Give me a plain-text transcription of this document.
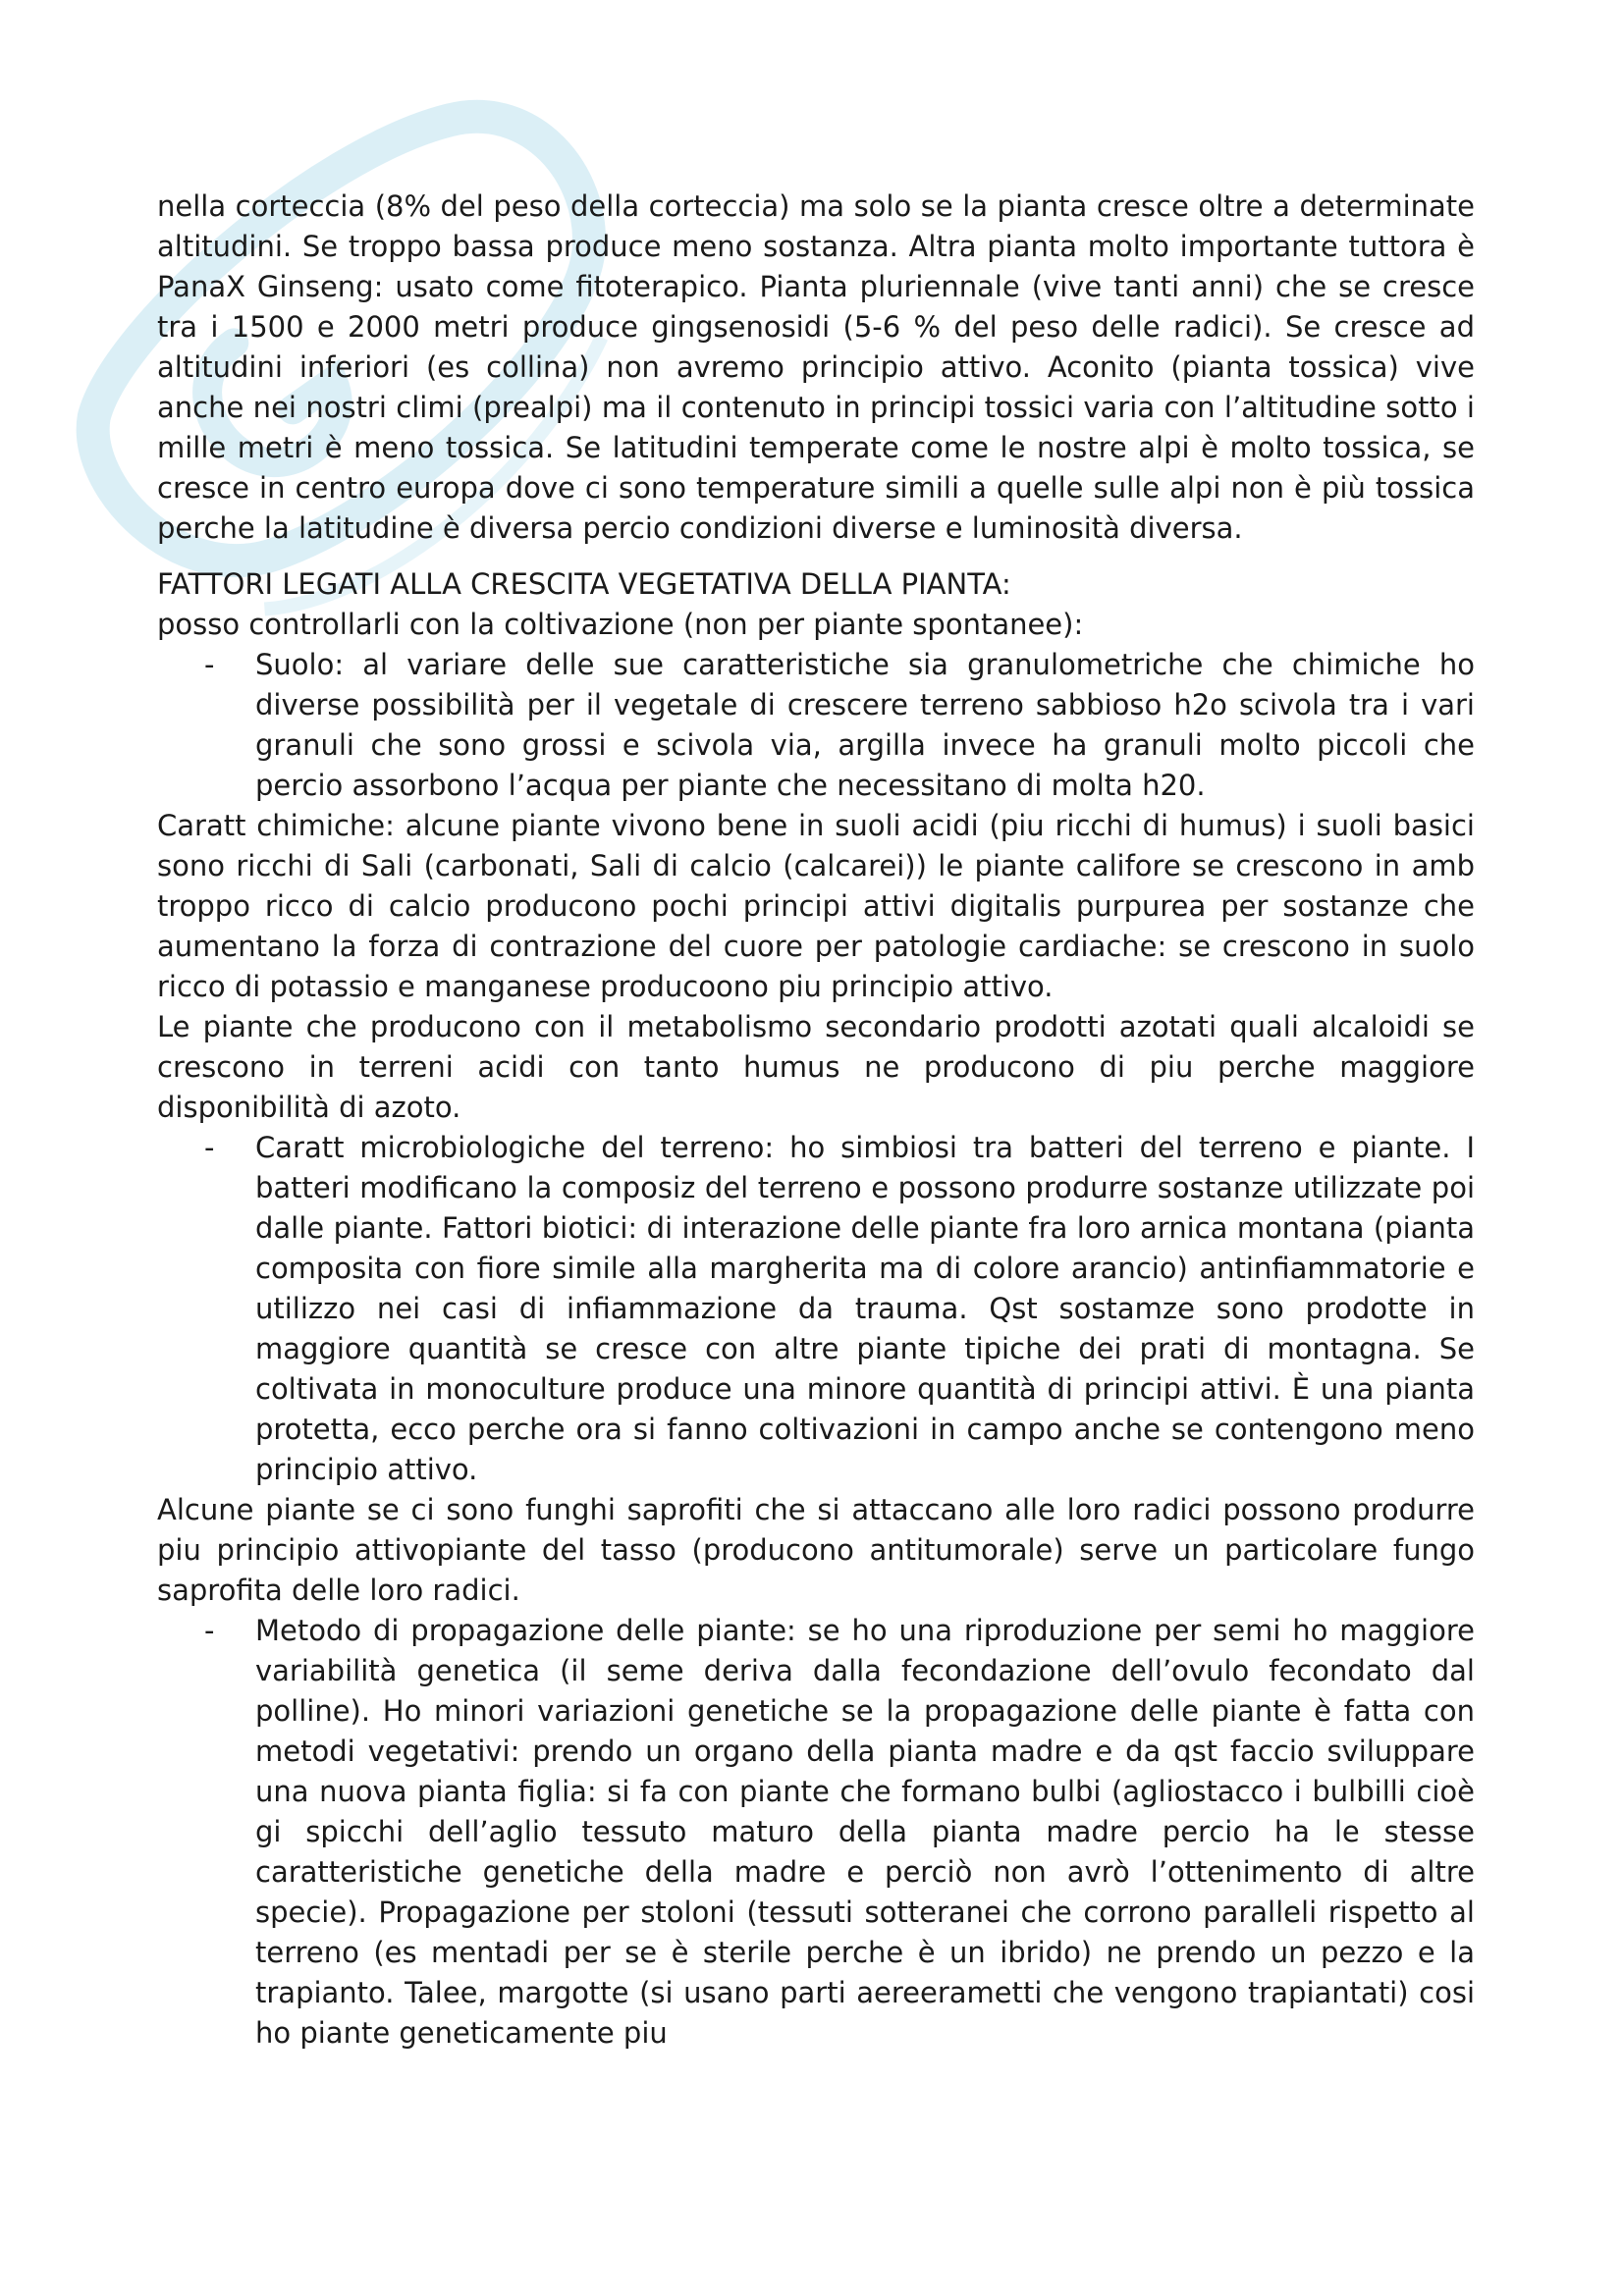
nella corteccia (8% del peso della corteccia) ma solo se la pianta cresce oltre a determinate altitudini. Se troppo bassa produce meno sostanza. Altra pianta molto importante tuttora è PanaX Ginseng: usato come fitoterapico. Pianta pluriennale (vive tanti anni) che se cresce tra i 1500 e 2000 metri produce gingsenosidi (5-6 % del peso delle radici). Se cresce ad altitudini inferiori (es collina) non avremo principio attivo. Aconito (pianta tossica) vive anche nei nostri climi (prealpi) ma il contenuto in principi tossici varia con l’altitudine sotto i mille metri è meno tossica. Se latitudini temperate come le nostre alpi è molto tossica, se cresce in centro europa dove ci sono temperature simili a quelle sulle alpi non è più tossica perche la latitudine è diversa percio condizioni diverse e luminosità diversa.

FATTORI LEGATI ALLA CRESCITA VEGETATIVA DELLA PIANTA:

posso controllarli con la coltivazione (non per piante spontanee):

- Suolo: al variare delle sue caratteristiche sia granulometriche che chimiche ho diverse possibilità per il vegetale di crescere terreno sabbioso h2o scivola tra i vari granuli che sono grossi e scivola via, argilla invece ha granuli molto piccoli che percio assorbono l’acqua per piante che necessitano di molta h20.

Caratt chimiche: alcune piante vivono bene in suoli acidi (piu ricchi di humus) i suoli basici sono ricchi di Sali (carbonati, Sali di calcio (calcarei)) le piante califore se crescono in amb troppo ricco di calcio producono pochi principi attivi digitalis purpurea per sostanze che aumentano la forza di contrazione del cuore per patologie cardiache: se crescono in suolo ricco di potassio e manganese producoono piu principio attivo.

Le piante che producono con il metabolismo secondario prodotti azotati quali alcaloidi se crescono in terreni acidi con tanto humus ne producono di piu perche maggiore disponibilità di azoto.

- Caratt microbiologiche del terreno: ho simbiosi tra batteri del terreno e piante. I batteri modificano la composiz del terreno e possono produrre sostanze utilizzate poi dalle piante. Fattori biotici: di interazione delle piante fra loro arnica montana (pianta composita con fiore simile alla margherita ma di colore arancio) antinfiammatorie e utilizzo nei casi di infiammazione da trauma. Qst sostamze sono prodotte in maggiore quantità se cresce con altre piante tipiche dei prati di montagna. Se coltivata in monoculture produce una minore quantità di principi attivi. È una pianta protetta, ecco perche ora si fanno coltivazioni in campo anche se contengono meno principio attivo.

Alcune piante se ci sono funghi saprofiti che si attaccano alle loro radici possono produrre piu principio attivopiante del tasso (producono antitumorale) serve un particolare fungo saprofita delle loro radici.

- Metodo di propagazione delle piante: se ho una riproduzione per semi ho maggiore variabilità genetica (il seme deriva dalla fecondazione dell’ovulo fecondato dal polline). Ho minori variazioni genetiche se la propagazione delle piante è fatta con metodi vegetativi: prendo un organo della pianta madre e da qst faccio sviluppare una nuova pianta figlia: si fa con piante che formano bulbi (agliostacco i bulbilli cioè gi spicchi dell’aglio tessuto maturo della pianta madre percio ha le stesse caratteristiche genetiche della madre e perciò non avrò l’ottenimento di altre specie). Propagazione per stoloni (tessuti sotteranei che corrono paralleli rispetto al terreno (es mentadi per se è sterile perche è un ibrido) ne prendo un pezzo e la trapianto. Talee, margotte (si usano parti aereerametti che vengono trapiantati) cosi ho piante geneticamente piu
